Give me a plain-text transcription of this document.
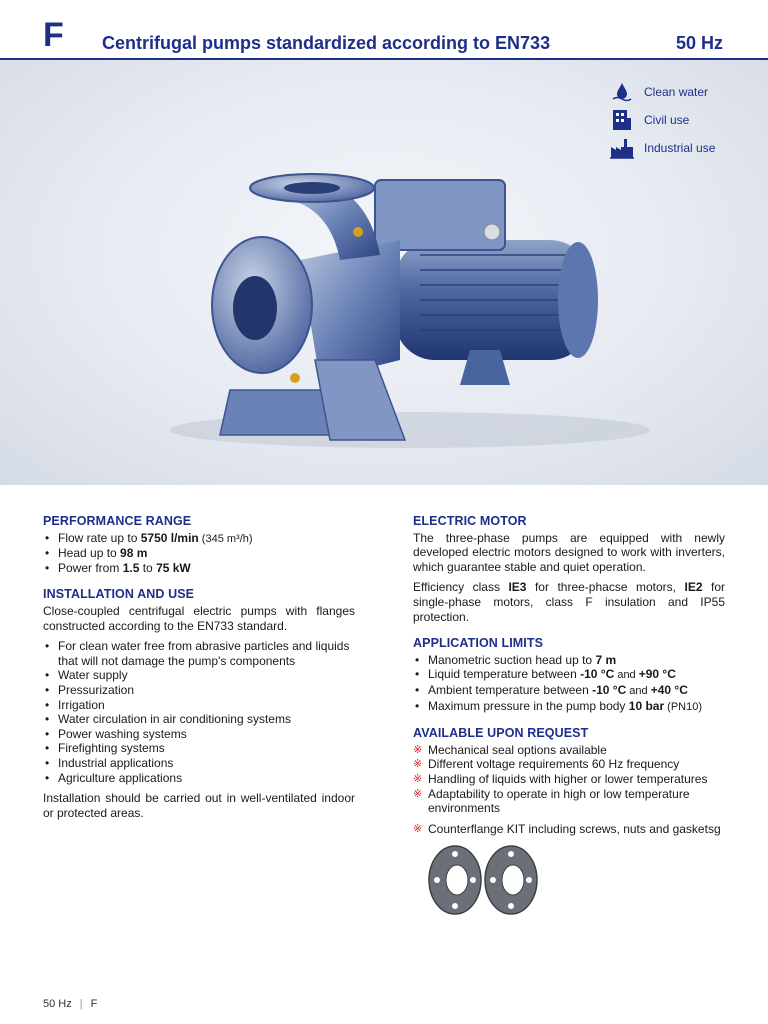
F Centrifugal pumps standardized according to EN733	50 Hz
Clean water
Civil use
Industrial use
PERFORMANCE RANGE
• Flow rate up to 5750 l/min (345 m³/h)
• Head up to 98 m
• Power from 1.5 to 75 kW
INSTALLATION AND USE

Close-coupled centrifugal electric pumps with flanges constructed according to the EN733 standard.

• For clean water free from abrasive particles and liquids that will not damage the pump's components
• Water supply
• Pressurization
• Irrigation
• Water circulation in air conditioning systems
• Power washing systems
• Firefighting systems
• Industrial applications
• Agriculture applications

Installation should be carried out in well-ventilated indoor or protected areas.

ELECTRIC MOTOR

The three-phase pumps are equipped with newly developed electric motors designed to work with inverters, which guarantee stable and quiet operation.

Efficiency class IE3 for three-phacse motors, IE2 for single-phase motors, class F insulation and IP55 protection.

APPLICATION LIMITS
• Manometric suction head up to 7 m
• Liquid temperature between -10 °C and +90 °C
• Ambient temperature between -10 °C and +40 °C
• Maximum pressure in the pump body 10 bar (PN10)
AVAILABLE UPON REQUEST
※ Mechanical seal options available
※ Different voltage requirements 60 Hz frequency
※ Handling of liquids with higher or lower temperatures
※ Adaptability to operate in high or low temperature environments
※ Counterflange KIT including screws, nuts and gasketsg
50 Hz | F
